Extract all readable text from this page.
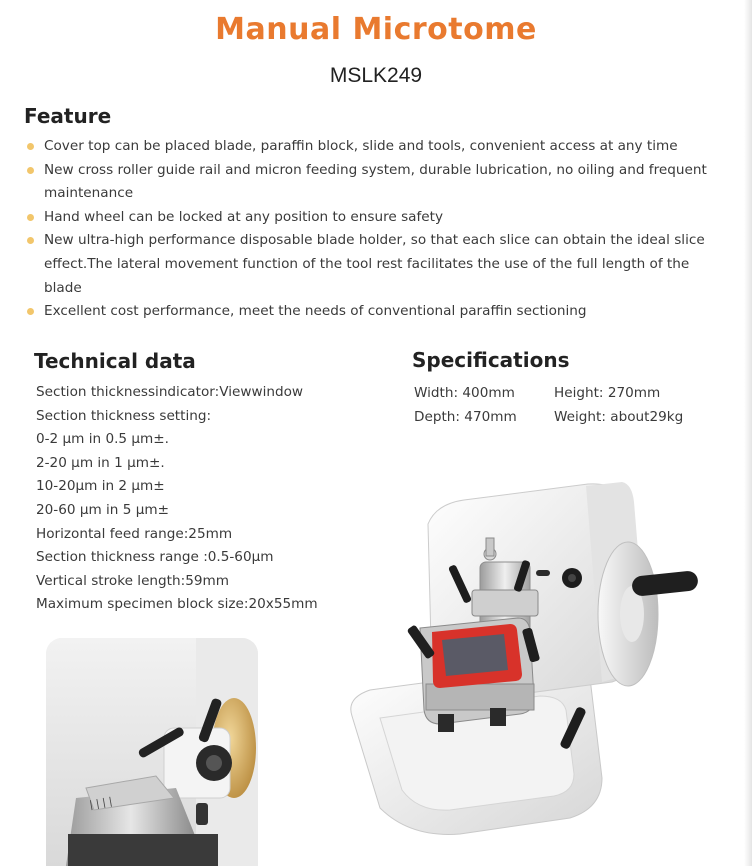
Manual Microtome
MSLK249
Feature
Cover top can be placed blade, paraffin block, slide and tools, convenient access at any time
New cross roller guide rail and micron feeding system, durable lubrication, no oiling and frequent maintenance
Hand wheel can be locked at any position to ensure safety
New ultra-high performance disposable blade holder, so that each slice can obtain the ideal slice effect.The lateral movement function of the tool rest facilitates the use of the full length of the blade
Excellent cost performance, meet the needs of conventional paraffin sectioning
Technical data	Specifications
Section thicknessindicator:Viewwindow
Section thickness setting:
0-2 μm in 0.5 μm±.
2-20 μm in 1 μm±.
10-20μm in 2 μm±
20-60 μm in 5 μm±
Horizontal feed range:25mm
Section thickness range :0.5-60μm
Vertical stroke length:59mm
Maximum specimen block size:20x55mm
Width: 400mm	Height: 270mm
Depth: 470mm	Weight: about29kg
| | | |
